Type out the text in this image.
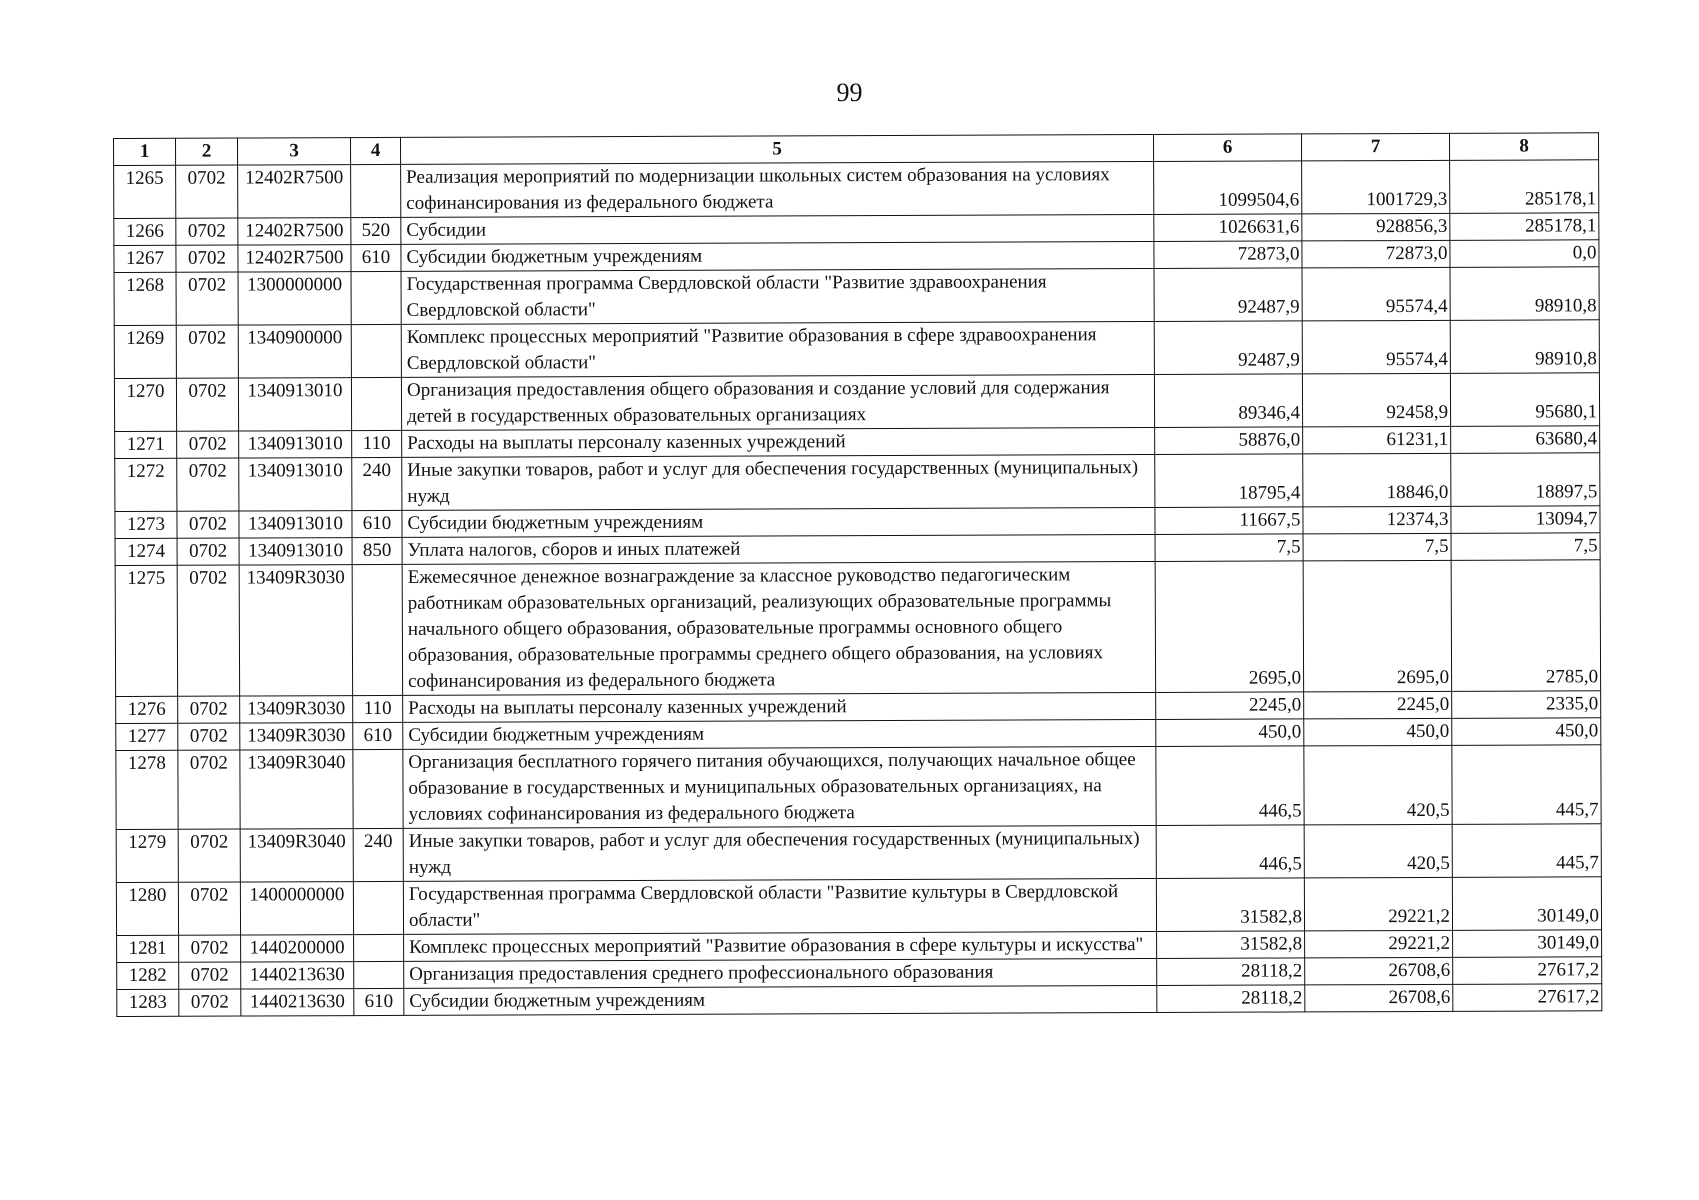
99
1	2	3	4	5	6	7	8
1265	0702	12402R7500		Реализация мероприятий по модернизации школьных систем образования на условиях софинансирования из федерального бюджета	1099504,6	1001729,3	285178,1
1266	0702	12402R7500	520	Субсидии	1026631,6	928856,3	285178,1
1267	0702	12402R7500	610	Субсидии бюджетным учреждениям	72873,0	72873,0	0,0
1268	0702	1300000000		Государственная программа Свердловской области "Развитие здравоохранения Свердловской области"	92487,9	95574,4	98910,8
1269	0702	1340900000		Комплекс процессных мероприятий "Развитие образования в сфере здравоохранения Свердловской области"	92487,9	95574,4	98910,8
1270	0702	1340913010		Организация предоставления общего образования и создание условий для содержания детей в государственных образовательных организациях	89346,4	92458,9	95680,1
1271	0702	1340913010	110	Расходы на выплаты персоналу казенных учреждений	58876,0	61231,1	63680,4
1272	0702	1340913010	240	Иные закупки товаров, работ и услуг для обеспечения государственных (муниципальных) нужд	18795,4	18846,0	18897,5
1273	0702	1340913010	610	Субсидии бюджетным учреждениям	11667,5	12374,3	13094,7
1274	0702	1340913010	850	Уплата налогов, сборов и иных платежей	7,5	7,5	7,5
1275	0702	13409R3030		Ежемесячное денежное вознаграждение за классное руководство педагогическим работникам образовательных организаций, реализующих образовательные программы начального общего образования, образовательные программы основного общего образования, образовательные программы среднего общего образования, на условиях софинансирования из федерального бюджета	2695,0	2695,0	2785,0
1276	0702	13409R3030	110	Расходы на выплаты персоналу казенных учреждений	2245,0	2245,0	2335,0
1277	0702	13409R3030	610	Субсидии бюджетным учреждениям	450,0	450,0	450,0
1278	0702	13409R3040		Организация бесплатного горячего питания обучающихся, получающих начальное общее образование в государственных и муниципальных образовательных организациях, на условиях софинансирования из федерального бюджета	446,5	420,5	445,7
1279	0702	13409R3040	240	Иные закупки товаров, работ и услуг для обеспечения государственных (муниципальных) нужд	446,5	420,5	445,7
1280	0702	1400000000		Государственная программа Свердловской области "Развитие культуры в Свердловской области"	31582,8	29221,2	30149,0
1281	0702	1440200000		Комплекс процессных мероприятий "Развитие образования в сфере культуры и искусства"	31582,8	29221,2	30149,0
1282	0702	1440213630		Организация предоставления среднего профессионального образования	28118,2	26708,6	27617,2
1283	0702	1440213630	610	Субсидии бюджетным учреждениям	28118,2	26708,6	27617,2
